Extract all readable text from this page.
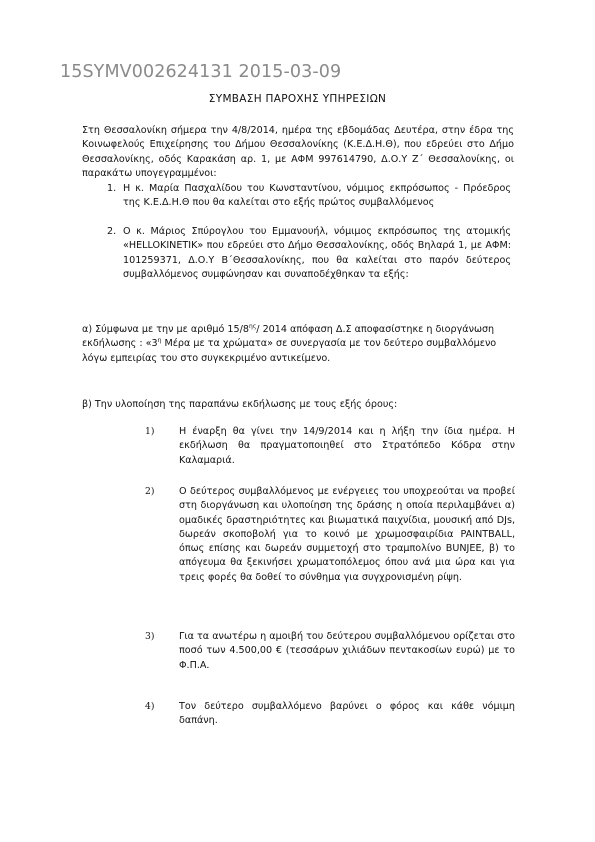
15SYMV002624131 2015-03-09
ΣΥΜΒΑΣΗ ΠΑΡΟΧΗΣ ΥΠΗΡΕΣΙΩΝ
Στη Θεσσαλονίκη σήμερα την 4/8/2014, ημέρα της εβδομάδας Δευτέρα, στην έδρα της Κοινωφελούς Επιχείρησης του Δήμου Θεσσαλονίκης (Κ.Ε.Δ.Η.Θ), που εδρεύει στο Δήμο Θεσσαλονίκης, οδός Καρακάση αρ. 1, με ΑΦΜ 997614790, Δ.Ο.Υ Ζ΄ Θεσσαλονίκης, οι παρακάτω υπογεγραμμένοι:
1. Η κ. Μαρία Πασχαλίδου του Κωνσταντίνου, νόμιμος εκπρόσωπος - Πρόεδρος της Κ.Ε.Δ.Η.Θ που θα καλείται στο εξής πρώτος συμβαλλόμενος
2. Ο κ. Μάριος Σπύρογλου του Εμμανουήλ, νόμιμος εκπρόσωπος της ατομικής «HELLOKINETIK» που εδρεύει στο Δήμο Θεσσαλονίκης, οδός Βηλαρά 1, με ΑΦΜ: 101259371, Δ.Ο.Υ Β΄Θεσσαλονίκης, που θα καλείται στο παρόν δεύτερος συμβαλλόμενος συμφώνησαν και συναποδέχθηκαν τα εξής:
α) Σύμφωνα με την με αριθμό $15/8^{\eta\varsigma}/$ 2014 απόφαση Δ.Σ αποφασίστηκε η διοργάνωση εκδήλωσης : «$3^\eta$ Μέρα με τα χρώματα» σε συνεργασία με τον δεύτερο συμβαλλόμενο λόγω εμπειρίας του στο συγκεκριμένο αντικείμενο.
β) Την υλοποίηση της παραπάνω εκδήλωσης με τους εξής όρους:
1)	Η έναρξη θα γίνει την 14/9/2014 και η λήξη την ίδια ημέρα. Η εκδήλωση θα πραγματοποιηθεί στο Στρατόπεδο Κόδρα στην Καλαμαριά.
2)	Ο δεύτερος συμβαλλόμενος με ενέργειες του υποχρεούται να προβεί στη διοργάνωση και υλοποίηση της δράσης η οποία περιλαμβάνει α) ομαδικές δραστηριότητες και βιωματικά παιχνίδια, μουσική από DJs, δωρεάν σκοποβολή για το κοινό με χρωμοσφαιρίδια PAINTBALL, όπως επίσης και δωρεάν συμμετοχή στο τραμπολίνο BUNJEE, β) το απόγευμα θα ξεκινήσει χρωματοπόλεμος όπου ανά μια ώρα και για τρεις φορές θα δοθεί το σύνθημα για συγχρονισμένη ρίψη.
3)	Για τα ανωτέρω η αμοιβή του δεύτερου συμβαλλόμενου ορίζεται στο ποσό των 4.500,00 € (τεσσάρων χιλιάδων πεντακοσίων ευρώ) με το Φ.Π.Α.
4)	Τον δεύτερο συμβαλλόμενο βαρύνει ο φόρος και κάθε νόμιμη δαπάνη.
